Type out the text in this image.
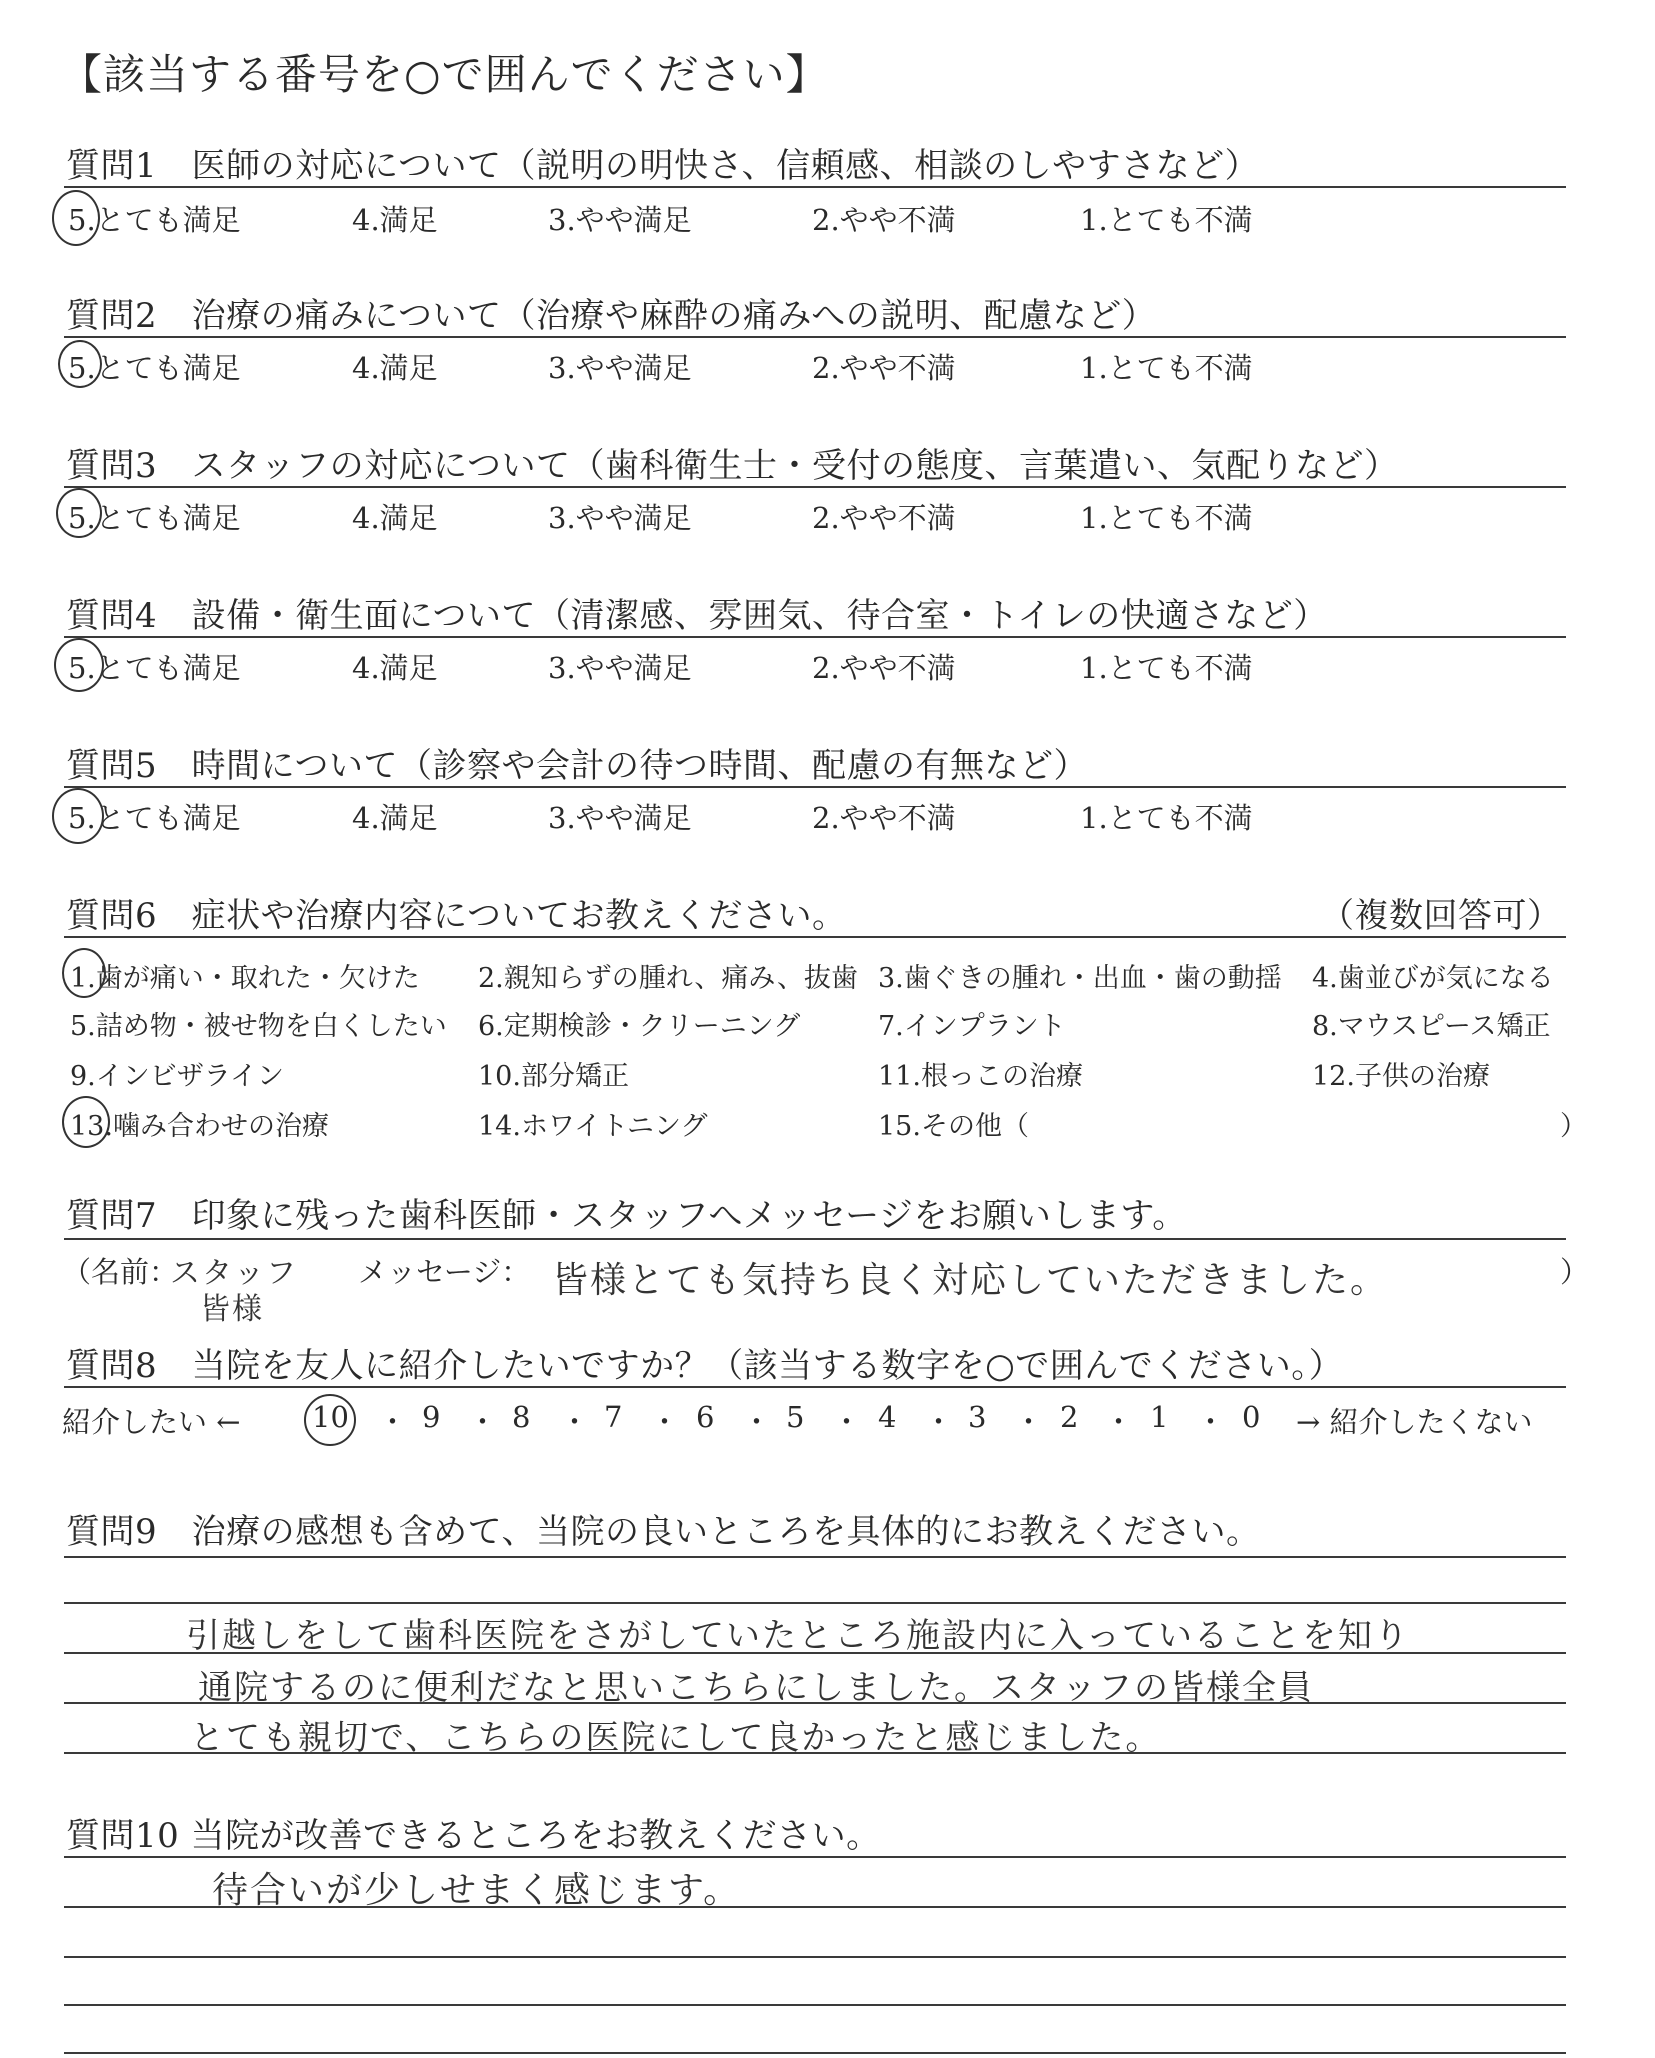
【該当する番号を○で囲んでください】
質問1　医師の対応について（説明の明快さ、信頼感、相談のしやすさなど）
5.とても満足	4.満足	3.やや満足	2.やや不満	1.とても不満
質問2　治療の痛みについて（治療や麻酔の痛みへの説明、配慮など）
5.とても満足	4.満足	3.やや満足	2.やや不満	1.とても不満
質問3　スタッフの対応について（歯科衛生士・受付の態度、言葉遣い、気配りなど）
5.とても満足	4.満足	3.やや満足	2.やや不満	1.とても不満
質問4　設備・衛生面について（清潔感、雰囲気、待合室・トイレの快適さなど）
5.とても満足	4.満足	3.やや満足	2.やや不満	1.とても不満
質問5　時間について（診察や会計の待つ時間、配慮の有無など）
5.とても満足	4.満足	3.やや満足	2.やや不満	1.とても不満
質問6　症状や治療内容についてお教えください。	（複数回答可）
1.歯が痛い・取れた・欠けた 2.親知らずの腫れ、痛み、抜歯 3.歯ぐきの腫れ・出血・歯の動揺 4.歯並びが気になる
5.詰め物・被せ物を白くしたい 6.定期検診・クリーニング	7.インプラント	8.マウスピース矯正
9.インビザライン	10.部分矯正	11.根っこの治療	12.子供の治療
13.噛み合わせの治療	14.ホワイトニング	15.その他（	）
質問7　印象に残った歯科医師・スタッフへメッセージをお願いします。
（名前：
スタッフ
皆様
メッセージ： 皆様とても気持ち良く対応していただきました。	）
質問8　当院を友人に紹介したいですか？（該当する数字を○で囲んでください。）
紹介したい ← 10 ・ 9 ・ 8 ・ 7 ・ 6 ・ 5 ・ 4 ・ 3 ・ 2 ・ 1 ・ 0 → 紹介したくない
質問9　治療の感想も含めて、当院の良いところを具体的にお教えください。
引越しをして歯科医院をさがしていたところ施設内に入っていることを知り
通院するのに便利だなと思いこちらにしました。スタッフの皆様全員
とても親切で、こちらの医院にして良かったと感じました。
質問10 当院が改善できるところをお教えください。
待合いが少しせまく感じます。
